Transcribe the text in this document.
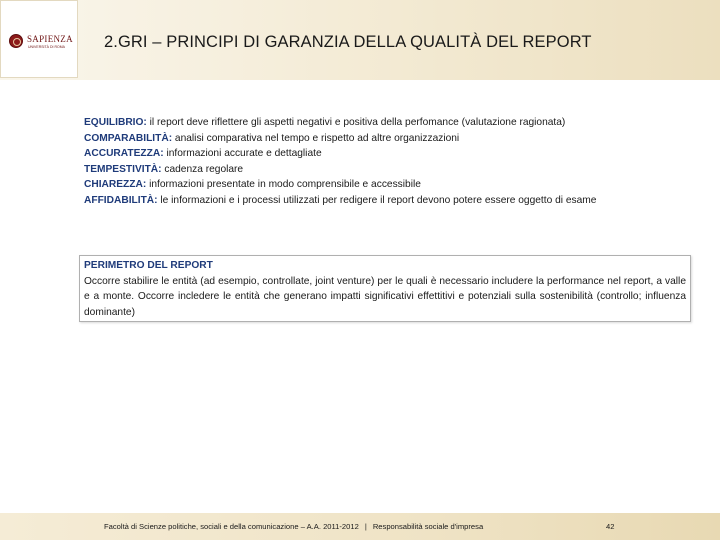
SAPIENZA
UNIVERSITÀ DI ROMA 2.GRI – PRINCIPI DI GARANZIA DELLA QUALITÀ DEL REPORT
EQUILIBRIO: il report deve riflettere gli aspetti negativi e positiva della perfomance (valutazione ragionata)
COMPARABILITÀ: analisi comparativa nel tempo e rispetto ad altre organizzazioni
ACCURATEZZA: informazioni accurate e dettagliate
TEMPESTIVITÀ: cadenza regolare
CHIAREZZA: informazioni presentate in modo comprensibile e accessibile
AFFIDABILITÀ: le informazioni e i processi utilizzati per redigere il report devono potere essere oggetto di esame
PERIMETRO DEL REPORT
Occorre stabilire le entità (ad esempio, controllate, joint venture) per le quali è necessario includere la performance nel report, a valle e a monte. Occorre incledere le entità che generano impatti significativi effettitivi e potenziali sulla sostenibilità (controllo; influenza dominante)
Facoltà di Scienze politiche, sociali e della comunicazione – A.A. 2011-2012 | Responsabilità sociale d'impresa	42
